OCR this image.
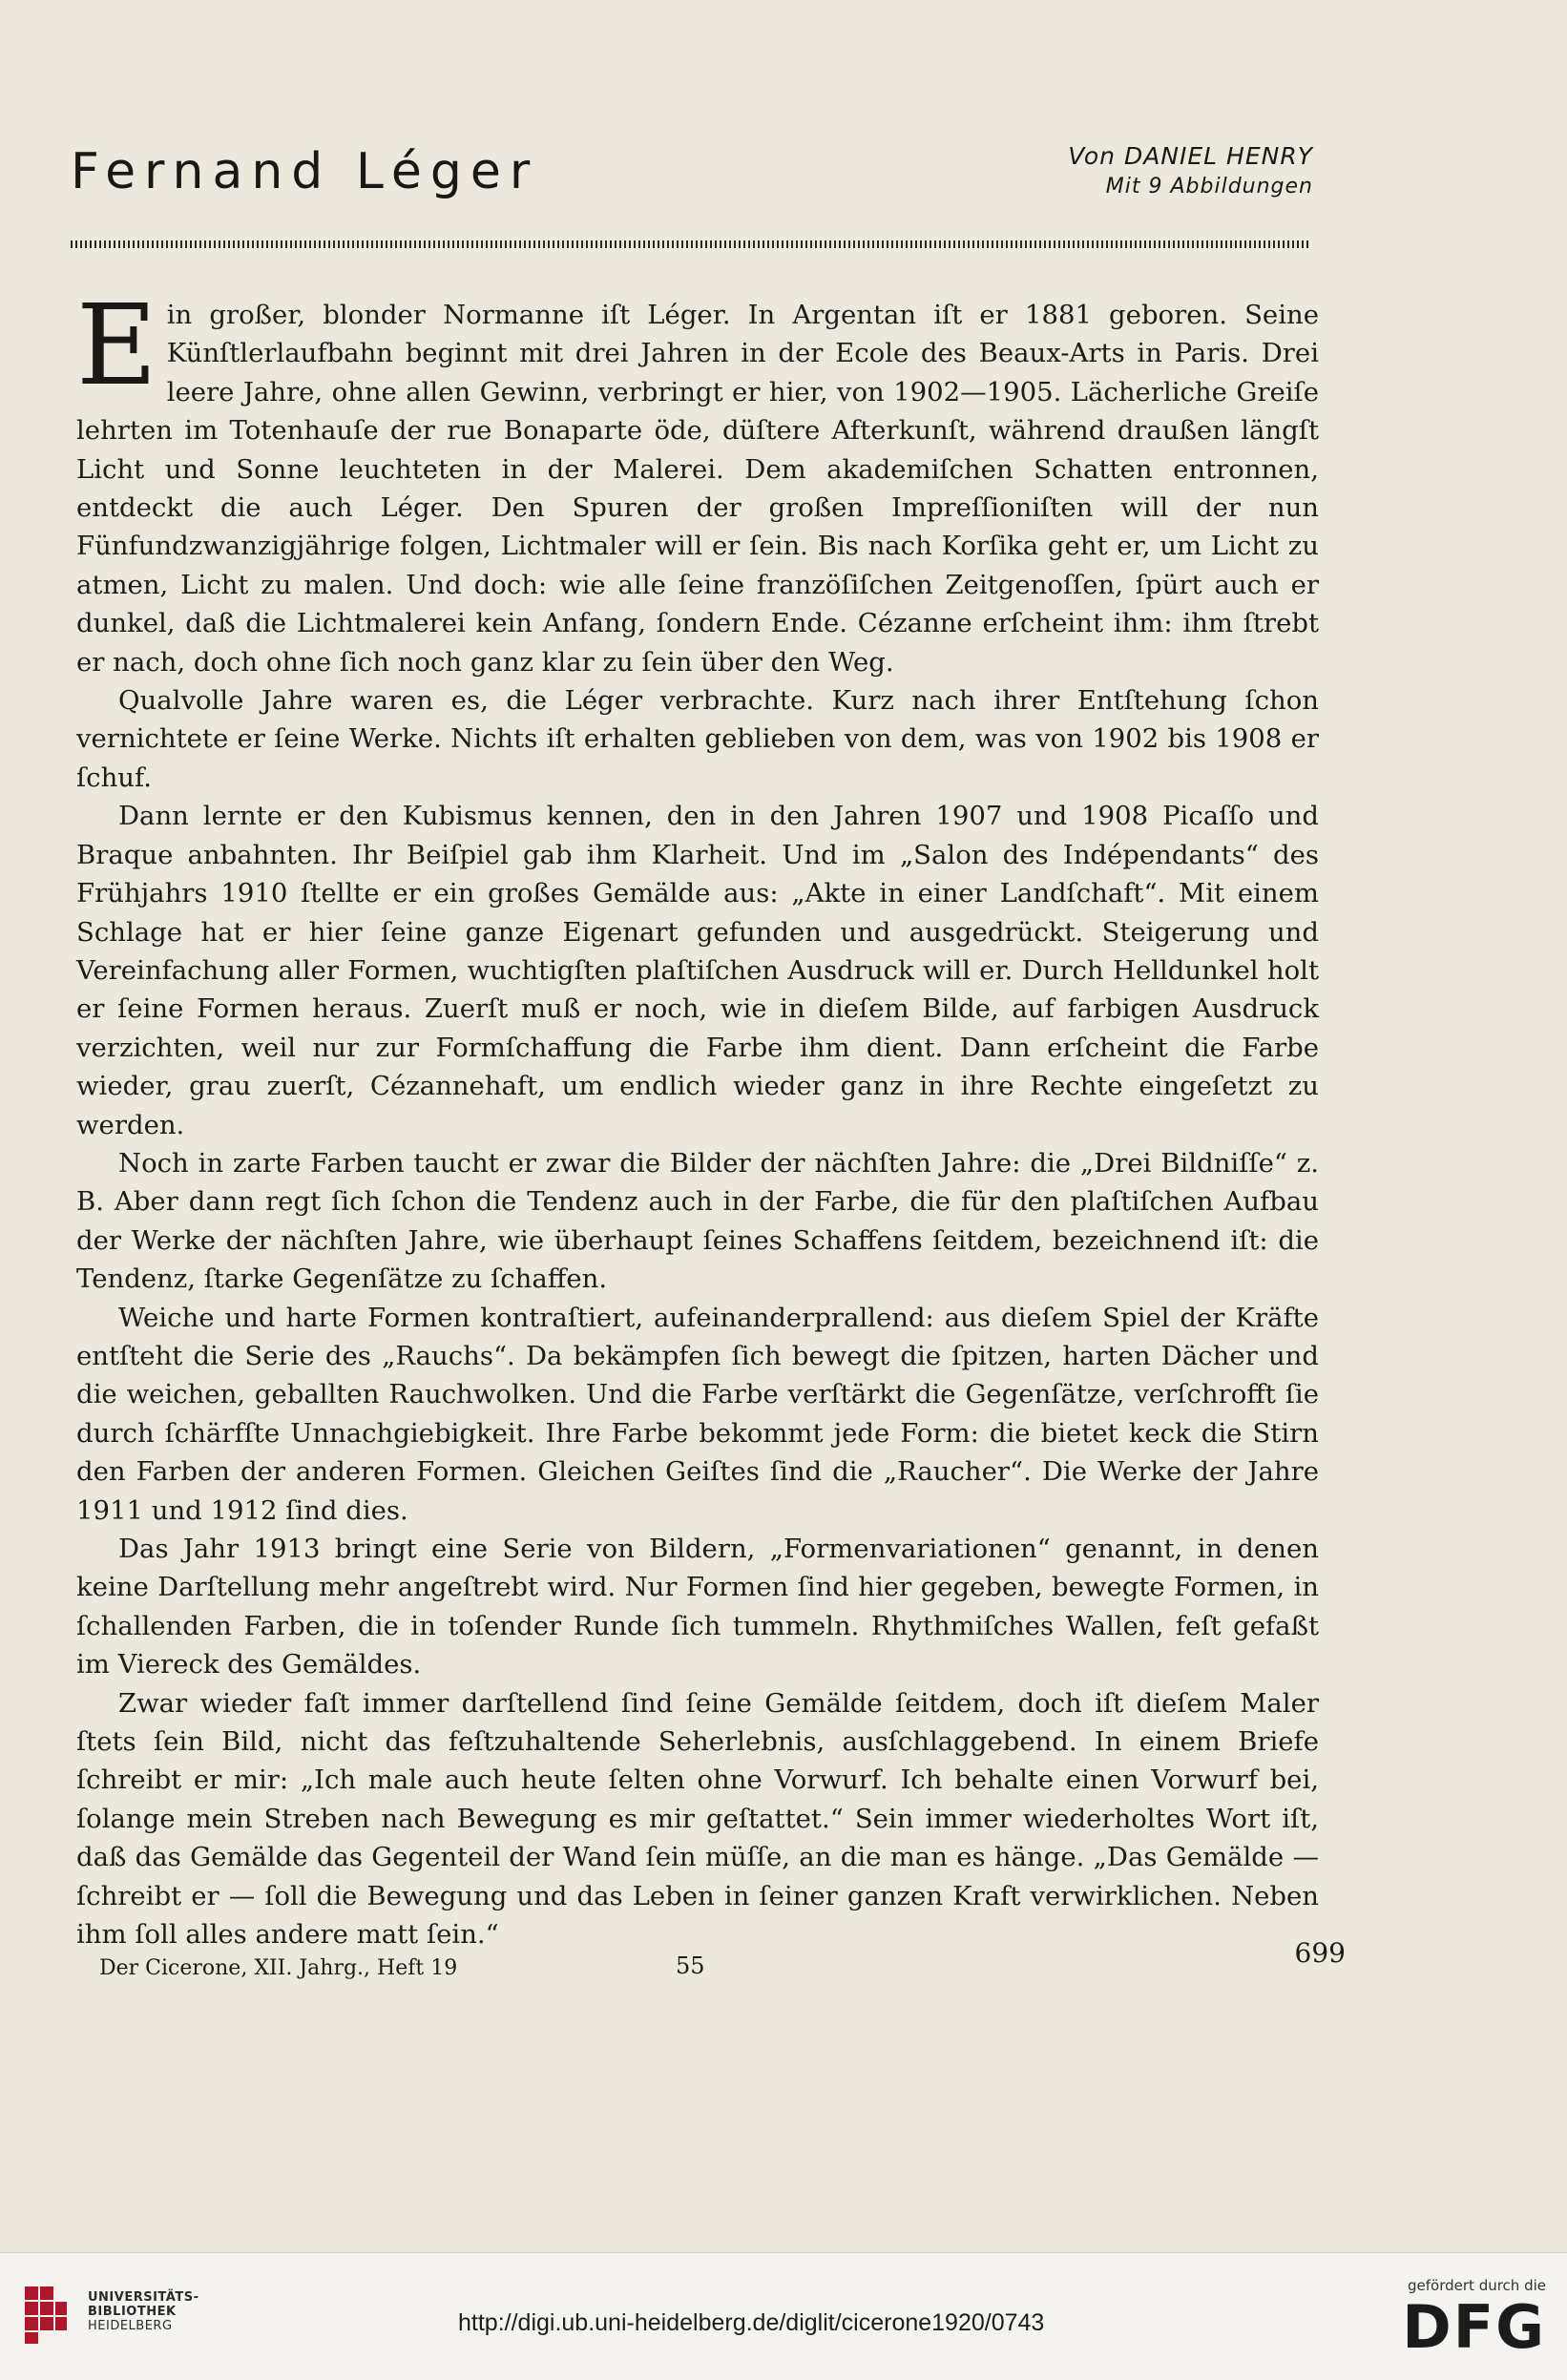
Fernand Léger	Von DANIEL HENRY
Mit 9 Abbildungen

Ein großer, blonder Normanne iſt Léger. In Argentan iſt er 1881 geboren. Seine Künſtlerlaufbahn beginnt mit drei Jahren in der Ecole des Beaux-Arts in Paris. Drei leere Jahre, ohne allen Gewinn, verbringt er hier, von 1902—1905. Lächerliche Greiſe lehrten im Totenhauſe der rue Bonaparte öde, düſtere Afterkunſt, während draußen längſt Licht und Sonne leuchteten in der Malerei. Dem akademiſchen Schatten entronnen, entdeckt die auch Léger. Den Spuren der großen Impreſſioniſten will der nun Fünfundzwanzigjährige folgen, Lichtmaler will er ſein. Bis nach Korſika geht er, um Licht zu atmen, Licht zu malen. Und doch: wie alle ſeine franzöſiſchen Zeitgenoſſen, ſpürt auch er dunkel, daß die Lichtmalerei kein Anfang, ſondern Ende. Cézanne erſcheint ihm: ihm ſtrebt er nach, doch ohne ſich noch ganz klar zu ſein über den Weg.

Qualvolle Jahre waren es, die Léger verbrachte. Kurz nach ihrer Entſtehung ſchon vernichtete er ſeine Werke. Nichts iſt erhalten geblieben von dem, was von 1902 bis 1908 er ſchuf.

Dann lernte er den Kubismus kennen, den in den Jahren 1907 und 1908 Picaſſo und Braque anbahnten. Ihr Beiſpiel gab ihm Klarheit. Und im „Salon des Indépendants“ des Frühjahrs 1910 ſtellte er ein großes Gemälde aus: „Akte in einer Landſchaft“. Mit einem Schlage hat er hier ſeine ganze Eigenart gefunden und ausgedrückt. Steigerung und Vereinfachung aller Formen, wuchtigſten plaſtiſchen Ausdruck will er. Durch Helldunkel holt er ſeine Formen heraus. Zuerſt muß er noch, wie in dieſem Bilde, auf farbigen Ausdruck verzichten, weil nur zur Formſchaffung die Farbe ihm dient. Dann erſcheint die Farbe wieder, grau zuerſt, Cézannehaft, um endlich wieder ganz in ihre Rechte eingeſetzt zu werden.

Noch in zarte Farben taucht er zwar die Bilder der nächſten Jahre: die „Drei Bildniſſe“ z. B. Aber dann regt ſich ſchon die Tendenz auch in der Farbe, die für den plaſtiſchen Aufbau der Werke der nächſten Jahre, wie überhaupt ſeines Schaffens ſeitdem, bezeichnend iſt: die Tendenz, ſtarke Gegenſätze zu ſchaffen.

Weiche und harte Formen kontraſtiert, aufeinanderprallend: aus dieſem Spiel der Kräfte entſteht die Serie des „Rauchs“. Da bekämpfen ſich bewegt die ſpitzen, harten Dächer und die weichen, geballten Rauchwolken. Und die Farbe verſtärkt die Gegenſätze, verſchrofft ſie durch ſchärfſte Unnachgiebigkeit. Ihre Farbe bekommt jede Form: die bietet keck die Stirn den Farben der anderen Formen. Gleichen Geiſtes ſind die „Raucher“. Die Werke der Jahre 1911 und 1912 ſind dies.

Das Jahr 1913 bringt eine Serie von Bildern, „Formenvariationen“ genannt, in denen keine Darſtellung mehr angeſtrebt wird. Nur Formen ſind hier gegeben, bewegte Formen, in ſchallenden Farben, die in toſender Runde ſich tummeln. Rhythmiſches Wallen, feſt gefaßt im Viereck des Gemäldes.

Zwar wieder faſt immer darſtellend ſind ſeine Gemälde ſeitdem, doch iſt dieſem Maler ſtets ſein Bild, nicht das feſtzuhaltende Seherlebnis, ausſchlaggebend. In einem Briefe ſchreibt er mir: „Ich male auch heute ſelten ohne Vorwurf. Ich behalte einen Vorwurf bei, ſolange mein Streben nach Bewegung es mir geſtattet.“ Sein immer wiederholtes Wort iſt, daß das Gemälde das Gegenteil der Wand ſein müſſe, an die man es hänge. „Das Gemälde — ſchreibt er — ſoll die Bewegung und das Leben in ſeiner ganzen Kraft verwirklichen. Neben ihm ſoll alles andere matt ſein.“

Der Cicerone, XII. Jahrg., Heft 19	55	699
UNIVERSITÄTS-
BIBLIOTHEK
HEIDELBERG	http://digi.ub.uni-heidelberg.de/diglit/cicerone1920/0743
gefördert durch die
DFG
